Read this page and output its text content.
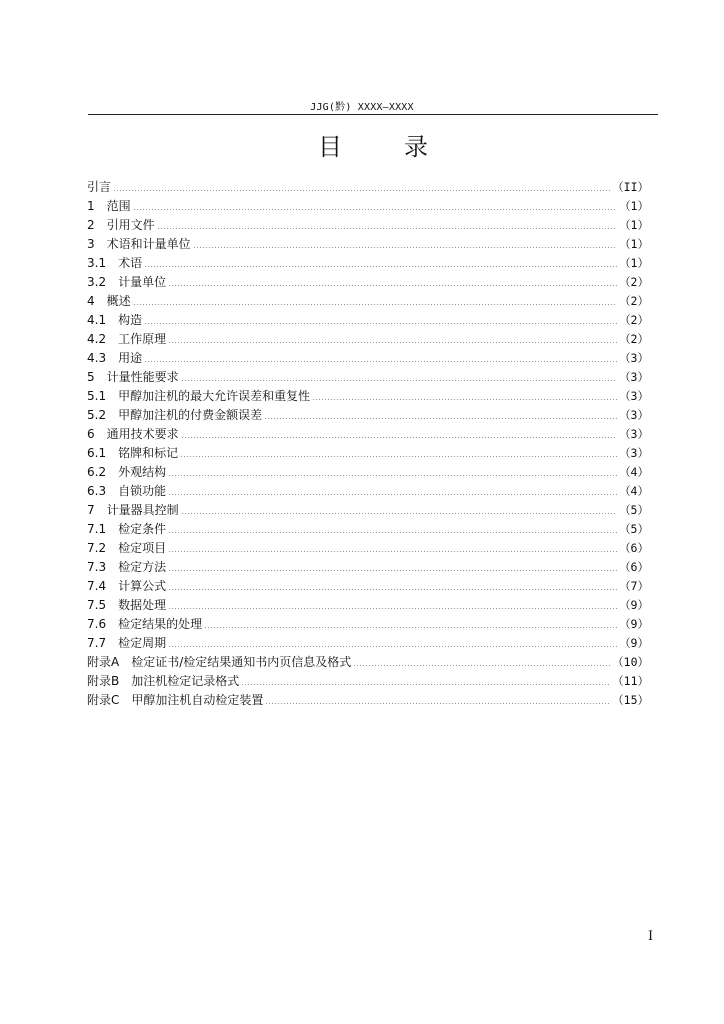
JJG(黔) XXXX—XXXX
目	录
引言	（II）
1　范围	（1）
2　引用文件	（1）
3　术语和计量单位	（1）
3.1　术语	（1）
3.2　计量单位	（2）
4　概述	（2）
4.1　构造	（2）
4.2　工作原理	（2）
4.3　用途	（3）
5　计量性能要求	（3）
5.1　甲醇加注机的最大允许误差和重复性	（3）
5.2　甲醇加注机的付费金额误差	（3）
6　通用技术要求	（3）
6.1　铭牌和标记	（3）
6.2　外观结构	（4）
6.3　自锁功能	（4）
7　计量器具控制	（5）
7.1　检定条件	（5）
7.2　检定项目	（6）
7.3　检定方法	（6）
7.4　计算公式	（7）
7.5　数据处理	（9）
7.6　检定结果的处理	（9）
7.7　检定周期	（9）
附录A　检定证书/检定结果通知书内页信息及格式	（10）
附录B　加注机检定记录格式	（11）
附录C　甲醇加注机自动检定装置	（15）
I
